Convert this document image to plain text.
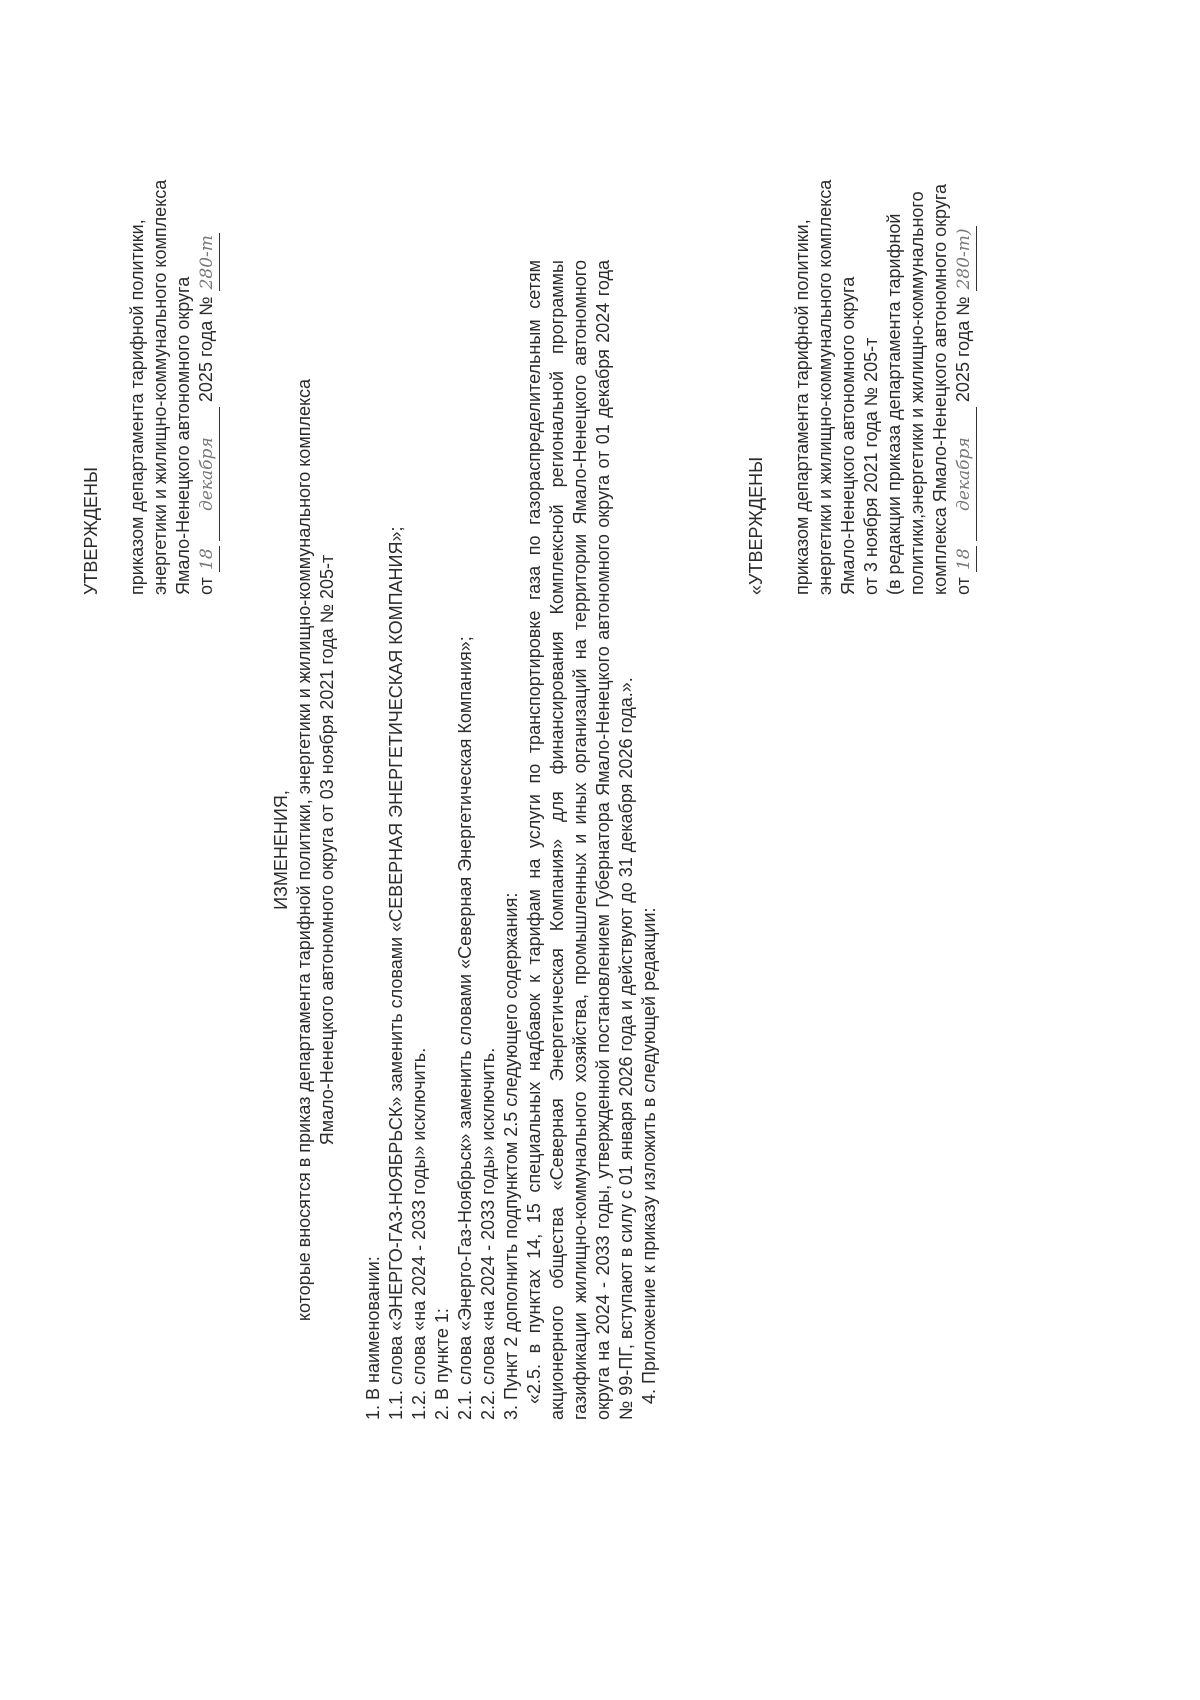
УТВЕРЖДЕНЫ приказом департамента тарифной политики, энергетики и жилищно-коммунального комплекса Ямало-Ненецкого автономного округа от 18 декабря 2025 года № 280-т
ИЗМЕНЕНИЯ, которые вносятся в приказ департамента тарифной политики, энергетики и жилищно-коммунального комплекса Ямало-Ненецкого автономного округа от 03 ноября 2021 года № 205-т
1. В наименовании: 1.1. слова «ЭНЕРГО-ГАЗ-НОЯБРЬСК» заменить словами «СЕВЕРНАЯ ЭНЕРГЕТИЧЕСКАЯ КОМПАНИЯ»; 1.2. слова «на 2024 - 2033 годы» исключить. 2. В пункте 1: 2.1. слова «Энерго-Газ-Ноябрьск» заменить словами «Северная Энергетическая Компания»; 2.2. слова «на 2024 - 2033 годы» исключить. 3. Пункт 2 дополнить подпунктом 2.5 следующего содержания: «2.5. в пунктах 14, 15 специальных надбавок к тарифам на услуги по транспортировке газа по газораспределительным сетям акционерного общества «Северная Энергетическая Компания» для финансирования Комплексной региональной программы газификации жилищно-коммунального хозяйства, промышленных и иных организаций на территории Ямало-Ненецкого автономного округа на 2024 - 2033 годы, утвержденной постановлением Губернатора Ямало-Ненецкого автономного округа от 01 декабря 2024 года № 99-ПГ, вступают в силу с 01 января 2026 года и действуют до 31 декабря 2026 года.». 4. Приложение к приказу изложить в следующей редакции:
«УТВЕРЖДЕНЫ приказом департамента тарифной политики, энергетики и жилищно-коммунального комплекса Ямало-Ненецкого автономного округа от 3 ноября 2021 года № 205-т (в редакции приказа департамента тарифной политики,энергетики и жилищно-коммунального комплекса Ямало-Ненецкого автономного округа от 18 декабря 2025 года № 280-т)
